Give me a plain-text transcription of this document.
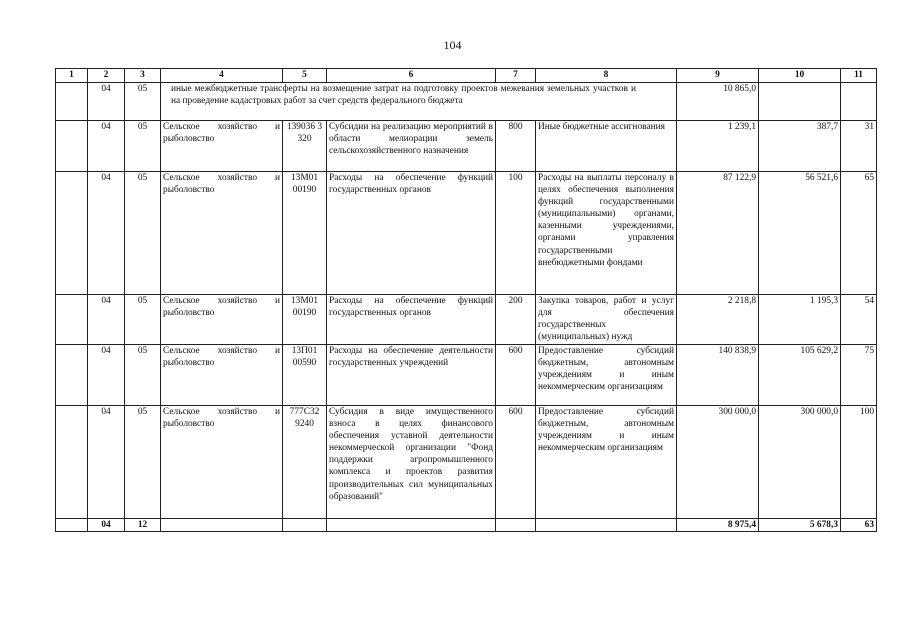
104
1	2	3	4	5	6	7	8	9	10	11
	04	05	иные межбюджетные трансферты на возмещение затрат на подготовку проектов межевания земельных участков и на проведение кадастровых работ за счет средств федерального бюджета					10 865,0		
	04	05	Сельское хозяйство и рыболовство	139036 3320	Субсидии на реализацию мероприятий в области мелиорации земель сельскохозяйственного назначения	800	Иные бюджетные ассигнования	1 239,1	387,7	31
	04	05	Сельское хозяйство и рыболовство	13М01 00190	Расходы на обеспечение функций государственных органов	100	Расходы на выплаты персоналу в целях обеспечения выполнения функций государственными (муниципальными) органами, казенными учреждениями, органами управления государственными внебюджетными фондами	87 122,9	56 521,6	65
	04	05	Сельское хозяйство и рыболовство	13М01 00190	Расходы на обеспечение функций государственных органов	200	Закупка товаров, работ и услуг для обеспечения государственных (муниципальных) нужд	2 218,8	1 195,3	54
	04	05	Сельское хозяйство и рыболовство	13П01 00590	Расходы на обеспечение деятельности государственных учреждений	600	Предоставление субсидий бюджетным, автономным учреждениям и иным некоммерческим организациям	140 838,9	105 629,2	75
	04	05	Сельское хозяйство и рыболовство	777С32 9240	Субсидия в виде имущественного взноса в целях финансового обеспечения уставной деятельности некоммерческой организации "Фонд поддержки агропромышленного комплекса и проектов развития производительных сил муниципальных образований"	600	Предоставление субсидий бюджетным, автономным учреждениям и иным некоммерческим организациям	300 000,0	300 000,0	100
	04	12						8 975,4	5 678,3	63
